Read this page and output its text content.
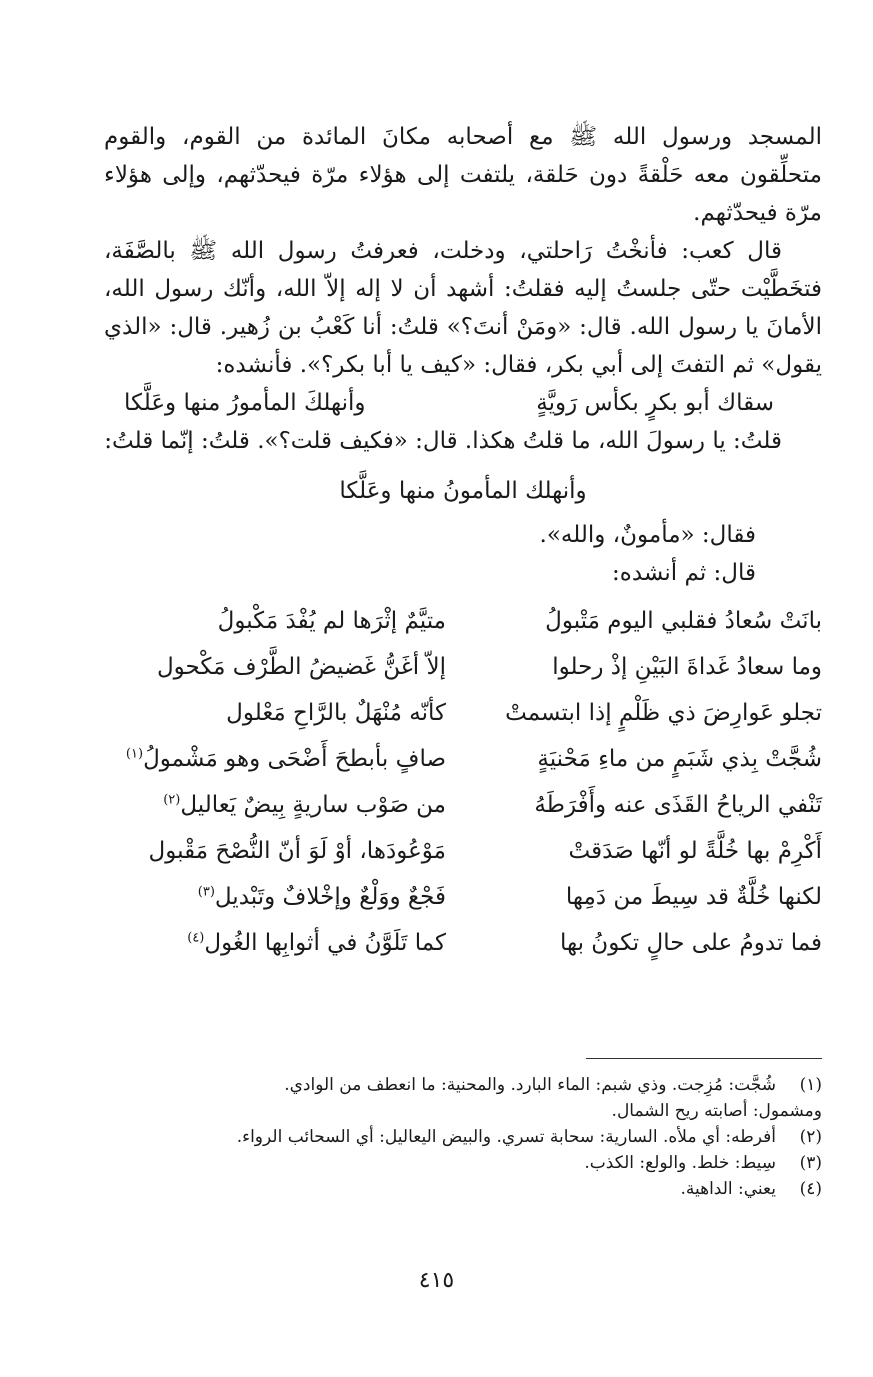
المسجد ورسول الله ﷺ مع أصحابه مكانَ المائدة من القوم، والقوم متحلِّقون معه حَلْقةً دون حَلقة، يلتفت إلى هؤلاء مرّة فيحدّثهم، وإلى هؤلاء مرّة فيحدّثهم.

قال كعب: فأنخْتُ رَاحلتي، ودخلت، فعرفتُ رسول الله ﷺ بالصَّفَة، فتخَطَّيْت حتّى جلستُ إليه فقلتُ: أشهد أن لا إله إلاّ الله، وأنّك رسول الله، الأمانَ يا رسول الله. قال: «ومَنْ أنتَ؟» قلتُ: أنا كَعْبُ بن زُهير. قال: «الذي يقول» ثم التفتَ إلى أبي بكر، فقال: «كيف يا أبا بكر؟». فأنشده:

سقاك أبو بكرٍ بكأس رَويَّةٍ
وأنهلكَ المأمورُ منها وعَلَّكا

قلتُ: يا رسولَ الله، ما قلتُ هكذا. قال: «فكيف قلت؟». قلتُ: إنّما قلتُ:

وأنهلك المأمونُ منها وعَلَّكا

فقال: «مأمونٌ، والله».

قال: ثم أنشده:

بانَتْ سُعادُ فقلبي اليوم مَتْبولُ
متيَّمٌ إثْرَها لم يُفْدَ مَكْبولُ
وما سعادُ غَداةَ البَيْنِ إذْ رحلوا
إلاّ أغَنُّ غَضيضُ الطَّرْف مَكْحول
تجلو عَوارِضَ ذي ظَلْمٍ إذا ابتسمتْ
كأنّه مُنْهَلٌ بالرَّاحِ مَعْلول
شُجَّتْ بِذي شَبَمٍ من ماءِ مَحْنيَةٍ
صافٍ بأبطحَ أَضْحَى وهو مَشْمولُ$^{(١)}$
تَنْفي الرياحُ القَذَى عنه وأَفْرَطَهُ
من صَوْب ساريةٍ بِيضٌ يَعاليل$^{(٢)}$
أَكْرِمْ بها خُلَّةً لو أنّها صَدَقتْ
مَوْعُودَها، أوْ لَوَ أنّ النُّصْحَ مَقْبول
لكنها خُلَّةٌ قد سِيطَ من دَمِها
فَجْعٌ ووَلْعٌ وإخْلافٌ وتَبْديل$^{(٣)}$
فما تدومُ على حالٍ تكونُ بها
كما تَلَوَّنُ في أثوابِها الغُول$^{(٤)}$
(١)
شُجَّت: مُزِجت. وذي شبم: الماء البارد. والمحنية: ما انعطف من الوادي.

ومشمول: أصابته ريح الشمال.

(٢)
أفرطه: أي ملأه. السارية: سحابة تسري. والبيض اليعاليل: أي السحائب الرواء.
(٣)
سِيط: خلط. والولع: الكذب.
(٤)
يعني: الداهية.
٤١٥
